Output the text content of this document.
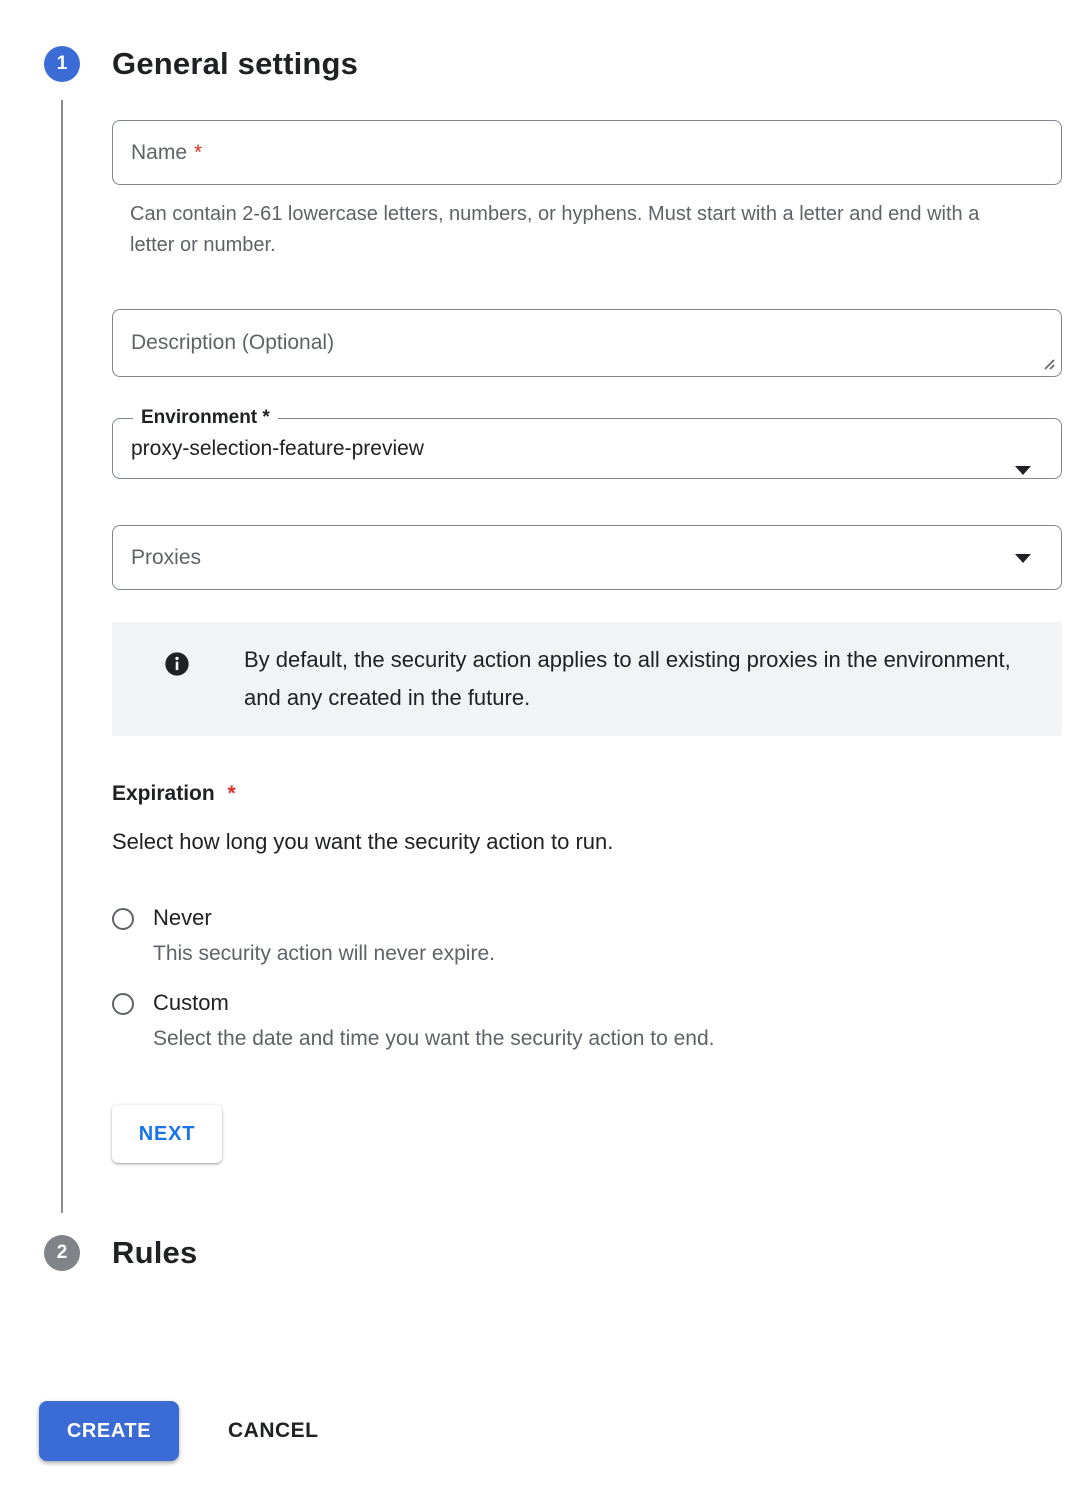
1 General settings
Name *
Can contain 2-61 lowercase letters, numbers, or hyphens. Must start with a letter and end with a letter or number.
Description (Optional)
Environment *
proxy-selection-feature-preview
Proxies
By default, the security action applies to all existing proxies in the environment, and any created in the future.
Expiration *
Select how long you want the security action to run.
Never
This security action will never expire.
Custom
Select the date and time you want the security action to end.
NEXT
2 Rules
CREATE	CANCEL
